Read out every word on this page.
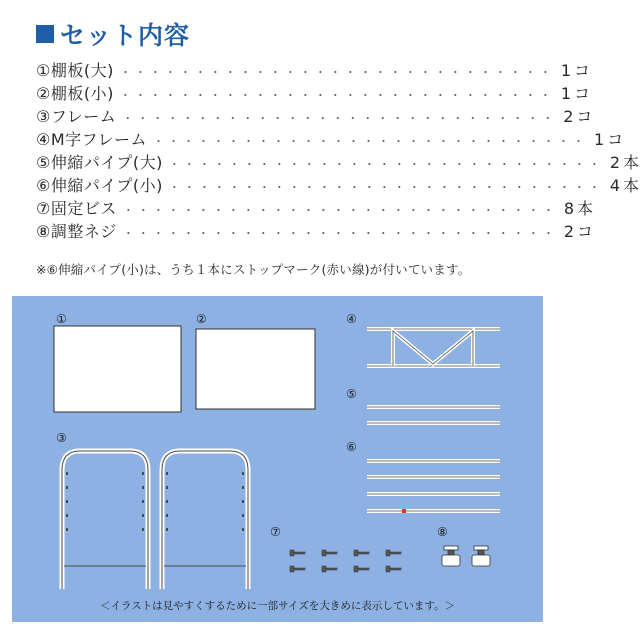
セット内容
①棚板(大) ・・・・・・・・・・・・・・・・・・・・・・・・・・・・・ 1コ
②棚板(小) ・・・・・・・・・・・・・・・・・・・・・・・・・・・・・ 1コ
③フレーム ・・・・・・・・・・・・・・・・・・・・・・・・・・・・・ 2コ
④M字フレーム ・・・・・・・・・・・・・・・・・・・・・・・・・・・・・ 1コ
⑤伸縮パイプ(大) ・・・・・・・・・・・・・・・・・・・・・・・・・・・・・ 2本
⑥伸縮パイプ(小) ・・・・・・・・・・・・・・・・・・・・・・・・・・・・・ 4本
⑦固定ビス ・・・・・・・・・・・・・・・・・・・・・・・・・・・・・ 8本
⑧調整ネジ ・・・・・・・・・・・・・・・・・・・・・・・・・・・・・ 2コ
※⑥伸縮パイプ(小)は、うち１本にストップマーク(赤い線)が付いています。
①	②
③
④
⑤
⑥
⑦	⑧
＜イラストは見やすくするために一部サイズを大きめに表示しています。＞
